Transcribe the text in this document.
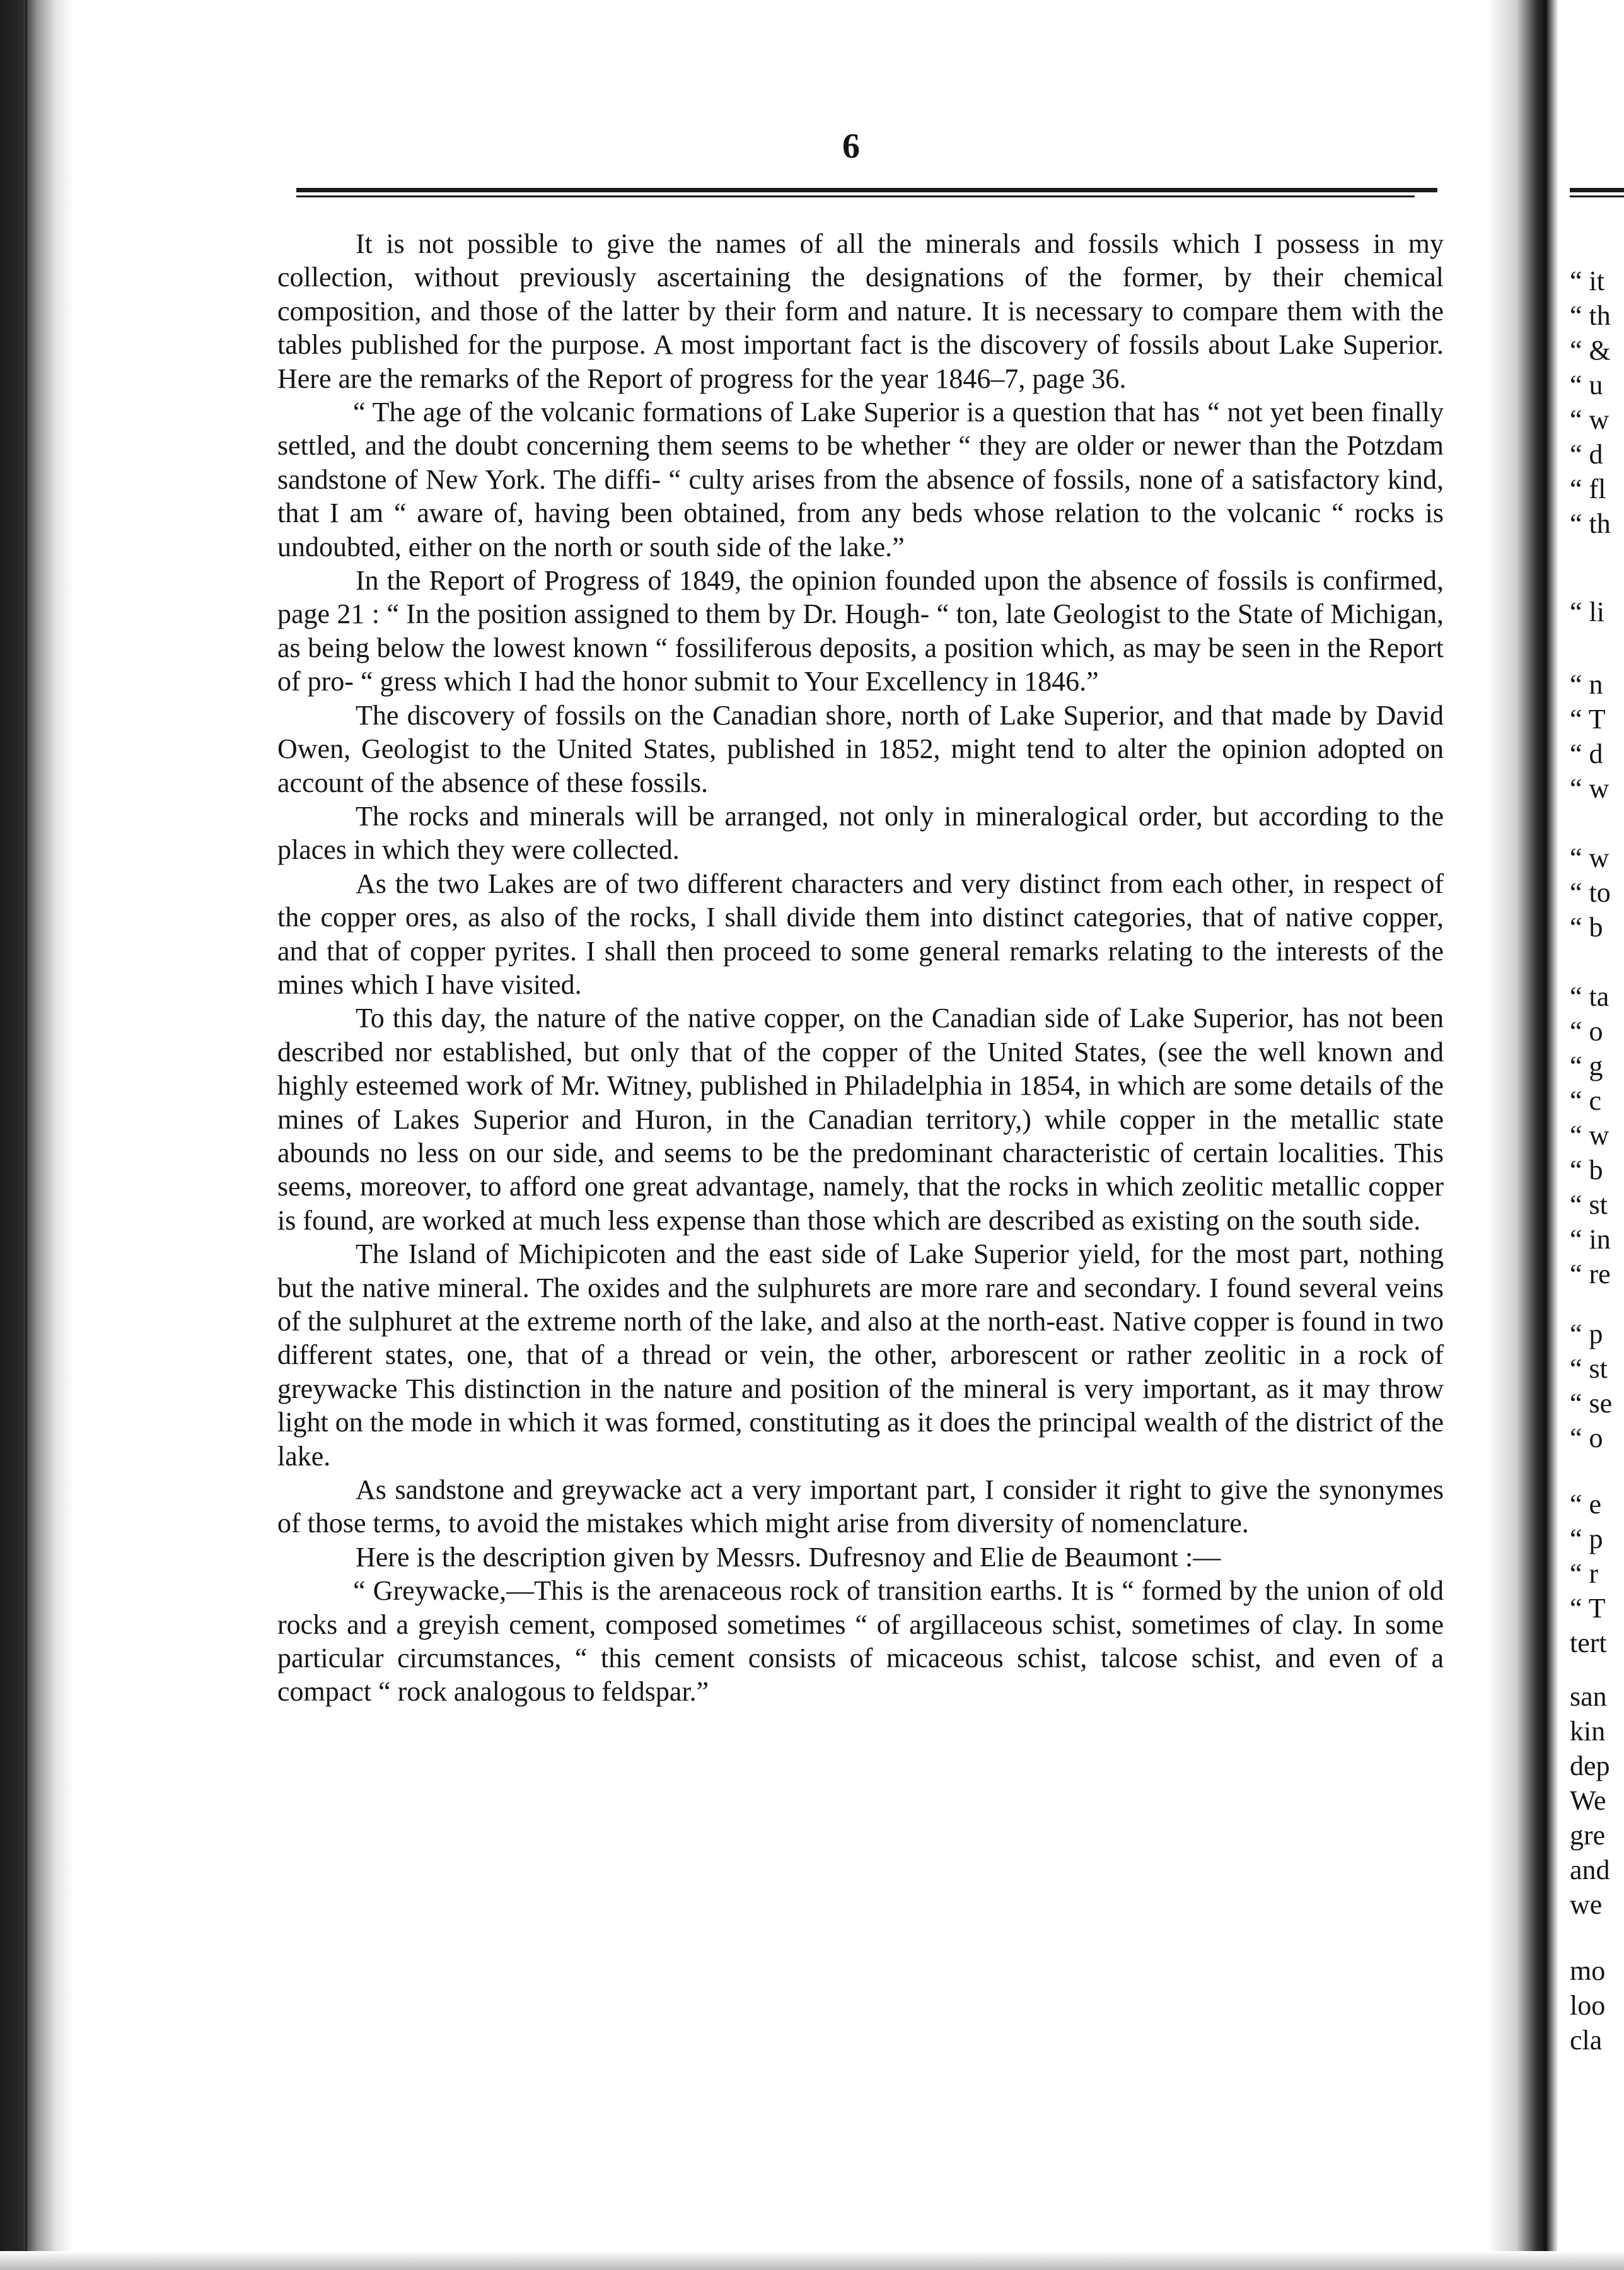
6

It is not possible to give the names of all the minerals and fossils which I possess in my collection, without previously ascertaining the designations of the former, by their chemical composition, and those of the latter by their form and nature. It is necessary to compare them with the tables published for the purpose. A most important fact is the discovery of fossils about Lake Superior. Here are the remarks of the Report of progress for the year 1846–7, page 36.

“ The age of the volcanic formations of Lake Superior is a question that has “ not yet been finally settled, and the doubt concerning them seems to be whether “ they are older or newer than the Potzdam sandstone of New York. The diffi- “ culty arises from the absence of fossils, none of a satisfactory kind, that I am “ aware of, having been obtained, from any beds whose relation to the volcanic “ rocks is undoubted, either on the north or south side of the lake.”

In the Report of Progress of 1849, the opinion founded upon the absence of fossils is confirmed, page 21 : “ In the position assigned to them by Dr. Hough- “ ton, late Geologist to the State of Michigan, as being below the lowest known “ fossiliferous deposits, a position which, as may be seen in the Report of pro- “ gress which I had the honor submit to Your Excellency in 1846.”

The discovery of fossils on the Canadian shore, north of Lake Superior, and that made by David Owen, Geologist to the United States, published in 1852, might tend to alter the opinion adopted on account of the absence of these fossils.

The rocks and minerals will be arranged, not only in mineralogical order, but according to the places in which they were collected.

As the two Lakes are of two different characters and very distinct from each other, in respect of the copper ores, as also of the rocks, I shall divide them into distinct categories, that of native copper, and that of copper pyrites. I shall then proceed to some general remarks relating to the interests of the mines which I have visited.

To this day, the nature of the native copper, on the Canadian side of Lake Superior, has not been described nor established, but only that of the copper of the United States, (see the well known and highly esteemed work of Mr. Witney, published in Philadelphia in 1854, in which are some details of the mines of Lakes Superior and Huron, in the Canadian territory,) while copper in the metallic state abounds no less on our side, and seems to be the predominant characteristic of certain localities. This seems, moreover, to afford one great advantage, namely, that the rocks in which zeolitic metallic copper is found, are worked at much less expense than those which are described as existing on the south side.

The Island of Michipicoten and the east side of Lake Superior yield, for the most part, nothing but the native mineral. The oxides and the sulphurets are more rare and secondary. I found several veins of the sulphuret at the extreme north of the lake, and also at the north-east. Native copper is found in two different states, one, that of a thread or vein, the other, arborescent or rather zeolitic in a rock of greywacke This distinction in the nature and position of the mineral is very important, as it may throw light on the mode in which it was formed, constituting as it does the principal wealth of the district of the lake.

As sandstone and greywacke act a very important part, I consider it right to give the synonymes of those terms, to avoid the mistakes which might arise from diversity of nomenclature.

Here is the description given by Messrs. Dufresnoy and Elie de Beaumont :—

“ Greywacke,—This is the arenaceous rock of transition earths. It is “ formed by the union of old rocks and a greyish cement, composed sometimes “ of argillaceous schist, sometimes of clay. In some particular circumstances, “ this cement consists of micaceous schist, talcose schist, and even of a compact “ rock analogous to feldspar.”

“ it
“ th
“ &
“ u
“ w
“ d
“ fl
“ th
“ li
“ n
“ T
“ d
“ w
“ w
“ to
“ b
“ ta
“ o
“ g
“ c
“ w
“ b
“ st
“ in
“ re
“ p
“ st
“ se
“ o
“ e
“ p
“ r
“ T
tert
san
kin
dep
We
gre
and
we
mo
loo
cla
